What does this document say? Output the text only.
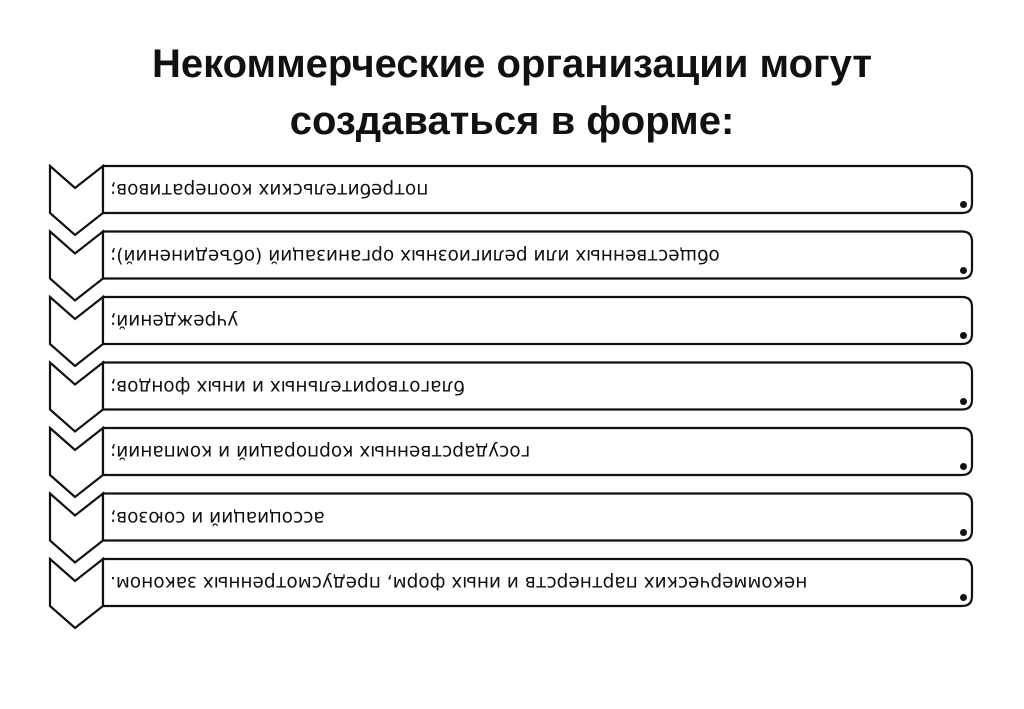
Некоммерческие организации могут
создаваться в форме:
потребительских кооперативов;
общественных или религиозных организаций (объединений);
учреждений;
благотворительных и иных фондов;
государственных корпораций и компаний;
ассоциаций и союзов;
некоммерческих партнерств и иных форм, предусмотренных законом.
